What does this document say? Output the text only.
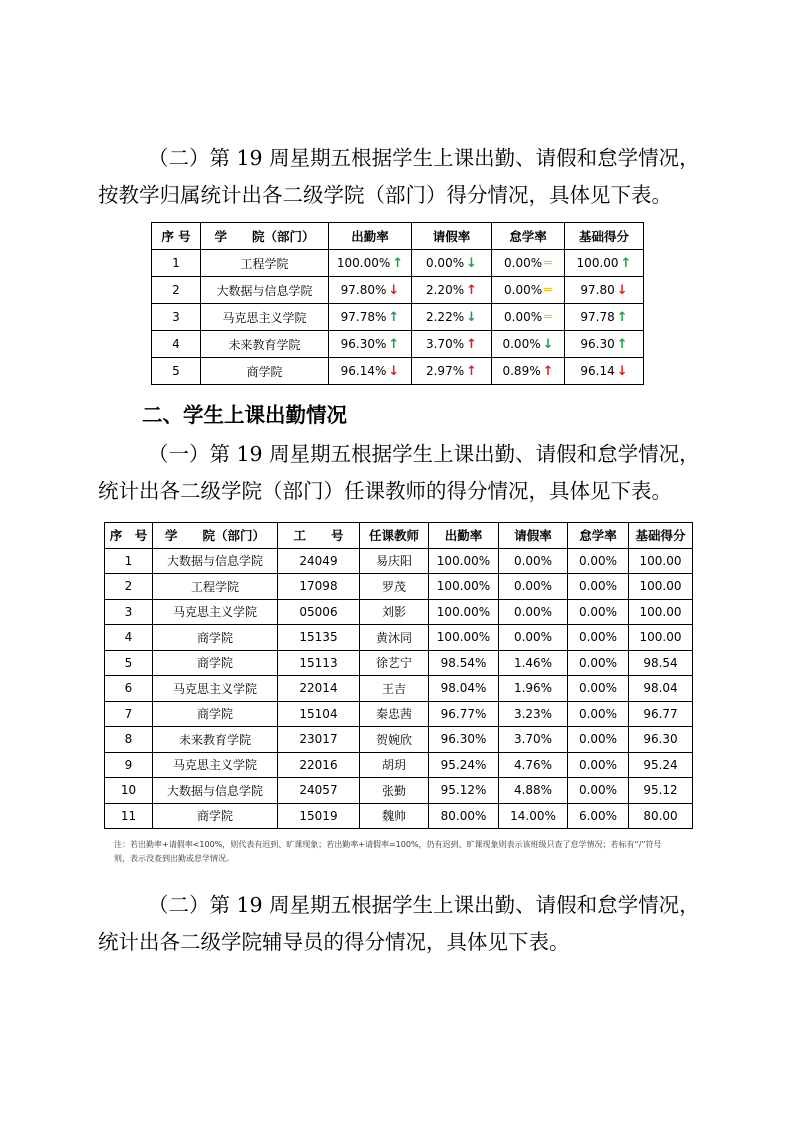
（二）第 19 周星期五根据学生上课出勤、请假和怠学情况，

按教学归属统计出各二级学院（部门）得分情况，具体见下表。

序 号	学　　院（部门）	出勤率	请假率	怠学率	基础得分
1	工程学院	100.00% ↑	0.00% ↓	0.00% ═	100.00 ↑
2	大数据与信息学院	97.80% ↓	2.20% ↑	0.00% ═	97.80 ↓
3	马克思主义学院	97.78% ↑	2.22% ↓	0.00% ═	97.78 ↑
4	未来教育学院	96.30% ↑	3.70% ↑	0.00% ↓	96.30 ↑
5	商学院	96.14% ↓	2.97% ↑	0.89% ↑	96.14 ↓

二、学生上课出勤情况

（一）第 19 周星期五根据学生上课出勤、请假和怠学情况，

统计出各二级学院（部门）任课教师的得分情况，具体见下表。

序　号	学　　院（部门）	工　　号	任课教师	出勤率	请假率	怠学率	基础得分
1	大数据与信息学院	24049	易庆阳	100.00%	0.00%	0.00%	100.00
2	工程学院	17098	罗茂	100.00%	0.00%	0.00%	100.00
3	马克思主义学院	05006	刘影	100.00%	0.00%	0.00%	100.00
4	商学院	15135	黄沐同	100.00%	0.00%	0.00%	100.00
5	商学院	15113	徐艺宁	98.54%	1.46%	0.00%	98.54
6	马克思主义学院	22014	王吉	98.04%	1.96%	0.00%	98.04
7	商学院	15104	秦忠茜	96.77%	3.23%	0.00%	96.77
8	未来教育学院	23017	贺婉欣	96.30%	3.70%	0.00%	96.30
9	马克思主义学院	22016	胡玥	95.24%	4.76%	0.00%	95.24
10	大数据与信息学院	24057	张勤	95.12%	4.88%	0.00%	95.12
11	商学院	15019	魏帅	80.00%	14.00%	6.00%	80.00
注：若出勤率+请假率<100%，则代表有迟到、旷课现象；若出勤率+请假率=100%，仍有迟到、旷课现象则表示该班级只查了怠学情况；若标有“/”符号
则，表示没查到出勤或怠学情况。

（二）第 19 周星期五根据学生上课出勤、请假和怠学情况，

统计出各二级学院辅导员的得分情况，具体见下表。
